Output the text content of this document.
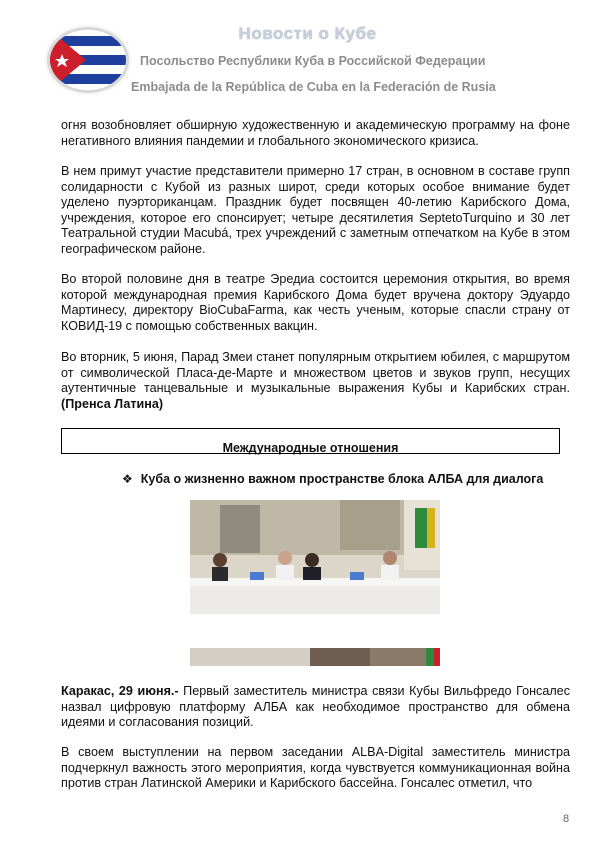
Новости о Кубе
Посольство Республики Куба в Российской Федерации
Embajada de la República de Cuba en la Federación de Rusia

огня возобновляет обширную художественную и академическую программу на фоне негативного влияния пандемии и глобального экономического кризиса.

В нем примут участие представители примерно 17 стран, в основном в составе групп солидарности с Кубой из разных широт, среди которых особое внимание будет уделено пуэрториканцам. Праздник будет посвящен 40-летию Карибского Дома, учреждения, которое его спонсирует; четыре десятилетия SeptetoTurquino и 30 лет Театральной студии Macubá, трех учреждений с заметным отпечатком на Кубе в этом географическом районе.

Во второй половине дня в театре Эредиа состоится церемония открытия, во время которой международная премия Карибского Дома будет вручена доктору Эдуардо Мартинесу, директору BioCubaFarma, как честь ученым, которые спасли страну от КОВИД-19 с помощью собственных вакцин.

Во вторник, 5 июня, Парад Змеи станет популярным открытием юбилея, с маршрутом от символической Пласа-де-Марте и множеством цветов и звуков групп, несущих аутентичные танцевальные и музыкальные выражения Кубы и Карибских стран. (Пренса Латина)

Международные отношения
❖ Куба о жизненно важном пространстве блока АЛБА для диалога

Каракас, 29 июня.- Первый заместитель министра связи Кубы Вильфредо Гонсалес назвал цифровую платформу АЛБА как необходимое пространство для обмена идеями и согласования позиций.

В своем выступлении на первом заседании ALBA-Digital заместитель министра подчеркнул важность этого мероприятия, когда чувствуется коммуникационная война против стран Латинской Америки и Карибского бассейна. Гонсалес отметил, что

8
